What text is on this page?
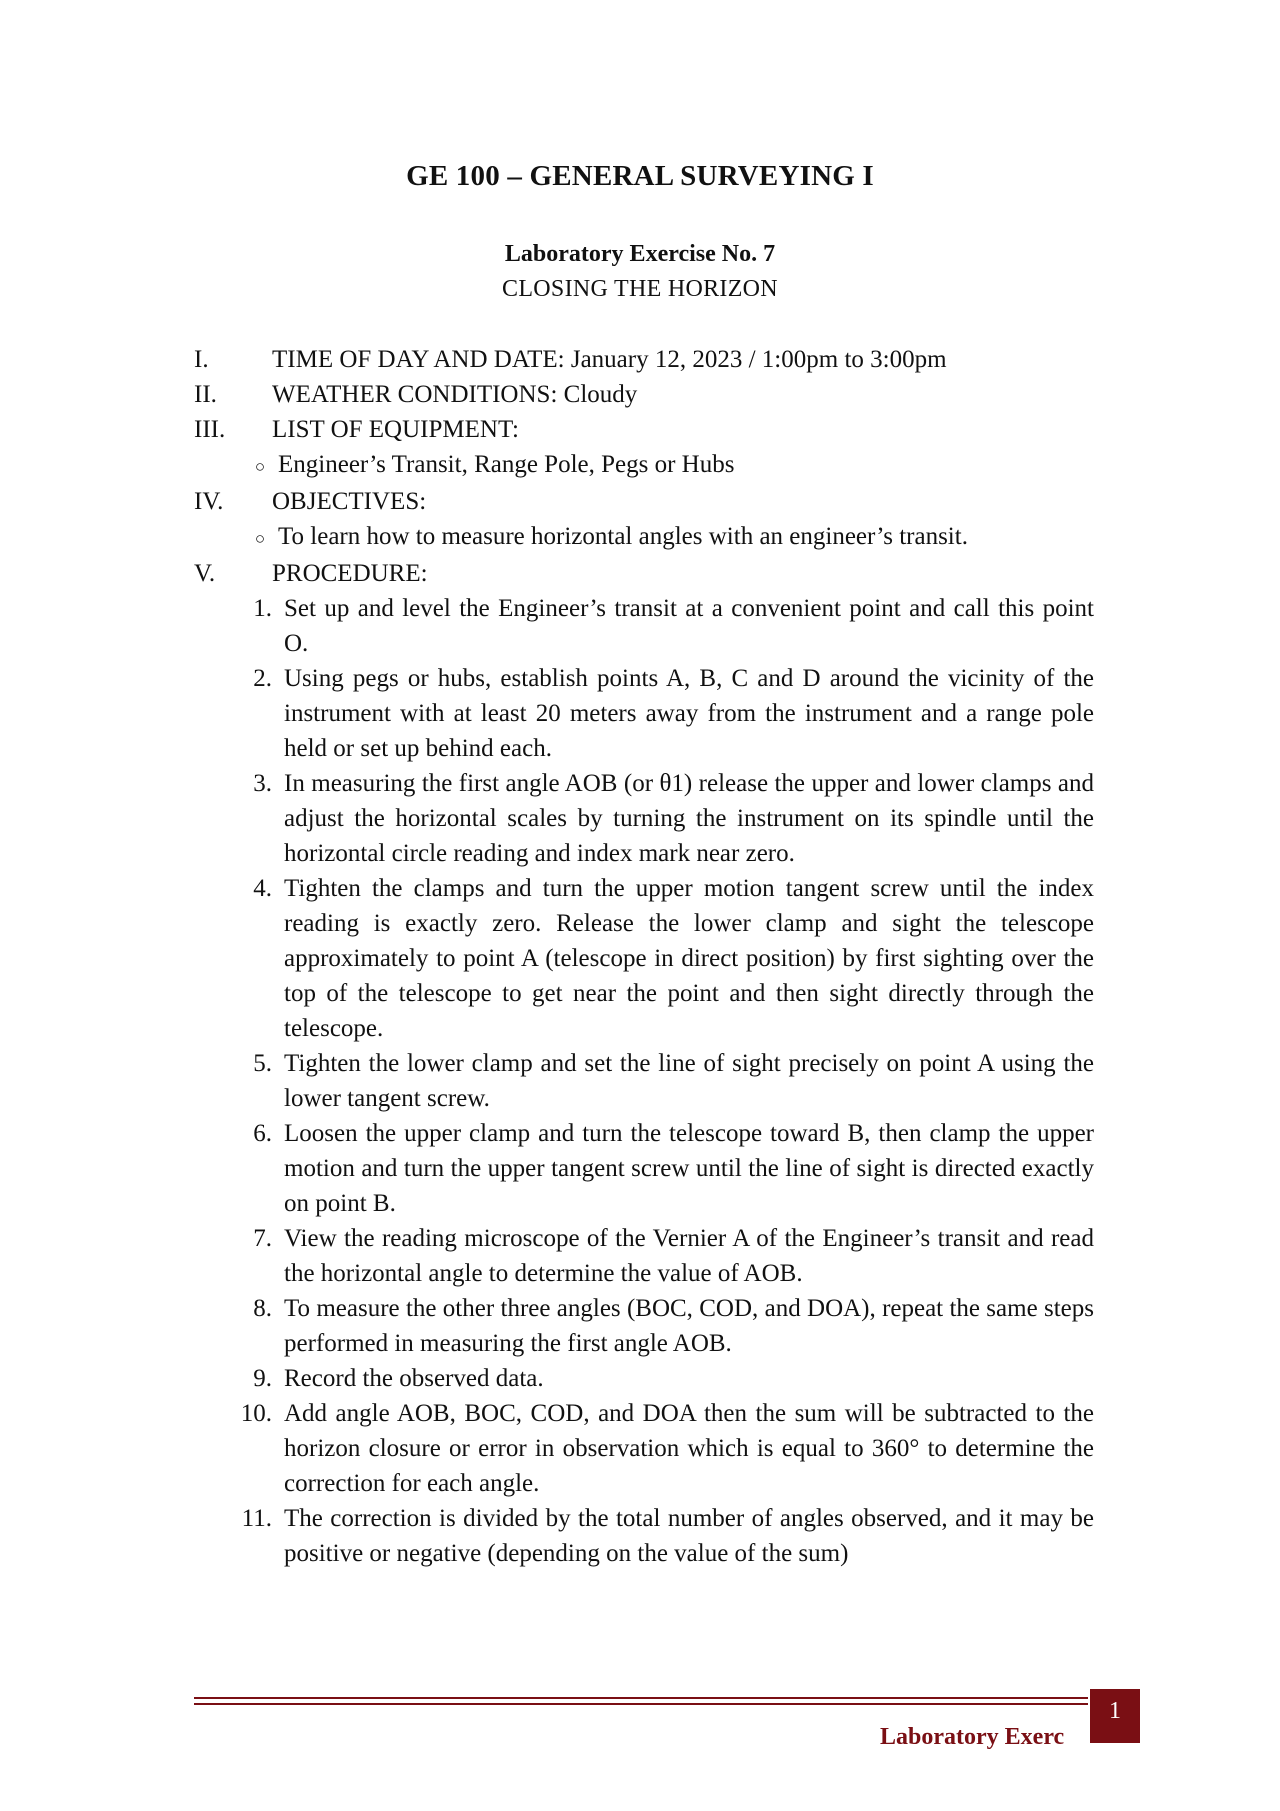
GE 100 – GENERAL SURVEYING I
Laboratory Exercise No. 7
CLOSING THE HORIZON
I.	TIME OF DAY AND DATE: January 12, 2023 / 1:00pm to 3:00pm
II.	WEATHER CONDITIONS: Cloudy
III.	LIST OF EQUIPMENT:
○ Engineer’s Transit, Range Pole, Pegs or Hubs
IV.	OBJECTIVES:
○ To learn how to measure horizontal angles with an engineer’s transit.
V.	PROCEDURE:
1. Set up and level the Engineer’s transit at a convenient point and call this point O.
2. Using pegs or hubs, establish points A, B, C and D around the vicinity of the instrument with at least 20 meters away from the instrument and a range pole held or set up behind each.
3. In measuring the first angle AOB (or θ1) release the upper and lower clamps and adjust the horizontal scales by turning the instrument on its spindle until the horizontal circle reading and index mark near zero.
4. Tighten the clamps and turn the upper motion tangent screw until the index reading is exactly zero. Release the lower clamp and sight the telescope approximately to point A (telescope in direct position) by first sighting over the top of the telescope to get near the point and then sight directly through the telescope.
5. Tighten the lower clamp and set the line of sight precisely on point A using the lower tangent screw.
6. Loosen the upper clamp and turn the telescope toward B, then clamp the upper motion and turn the upper tangent screw until the line of sight is directed exactly on point B.
7. View the reading microscope of the Vernier A of the Engineer’s transit and read the horizontal angle to determine the value of AOB.
8. To measure the other three angles (BOC, COD, and DOA), repeat the same steps performed in measuring the first angle AOB.
9. Record the observed data.
10. Add angle AOB, BOC, COD, and DOA then the sum will be subtracted to the horizon closure or error in observation which is equal to 360° to determine the correction for each angle.
11. The correction is divided by the total number of angles observed, and it may be positive or negative (depending on the value of the sum)
Laboratory Exerc
1
